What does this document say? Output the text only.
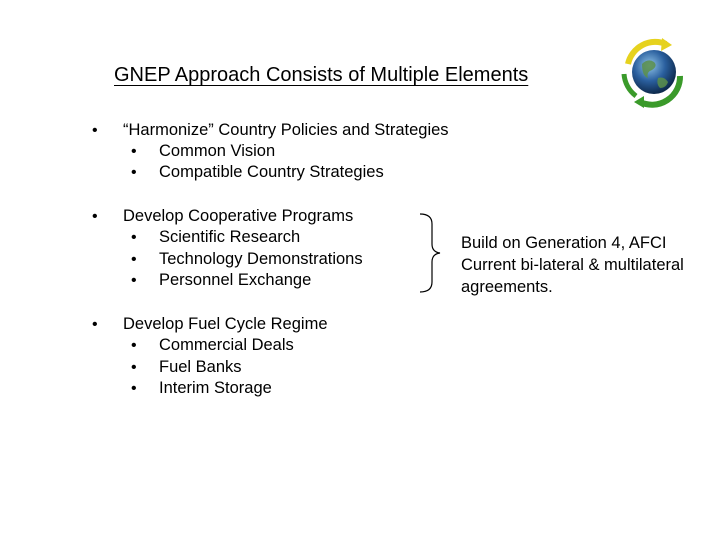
GNEP Approach Consists of Multiple Elements
• “Harmonize” Country Policies and Strategies
• Common Vision
• Compatible Country Strategies
• Develop Cooperative Programs
• Scientific Research
• Technology Demonstrations
• Personnel Exchange
• Develop Fuel Cycle Regime
• Commercial Deals
• Fuel Banks
• Interim Storage
Build on Generation 4, AFCI
Current bi-lateral & multilateral
agreements.
